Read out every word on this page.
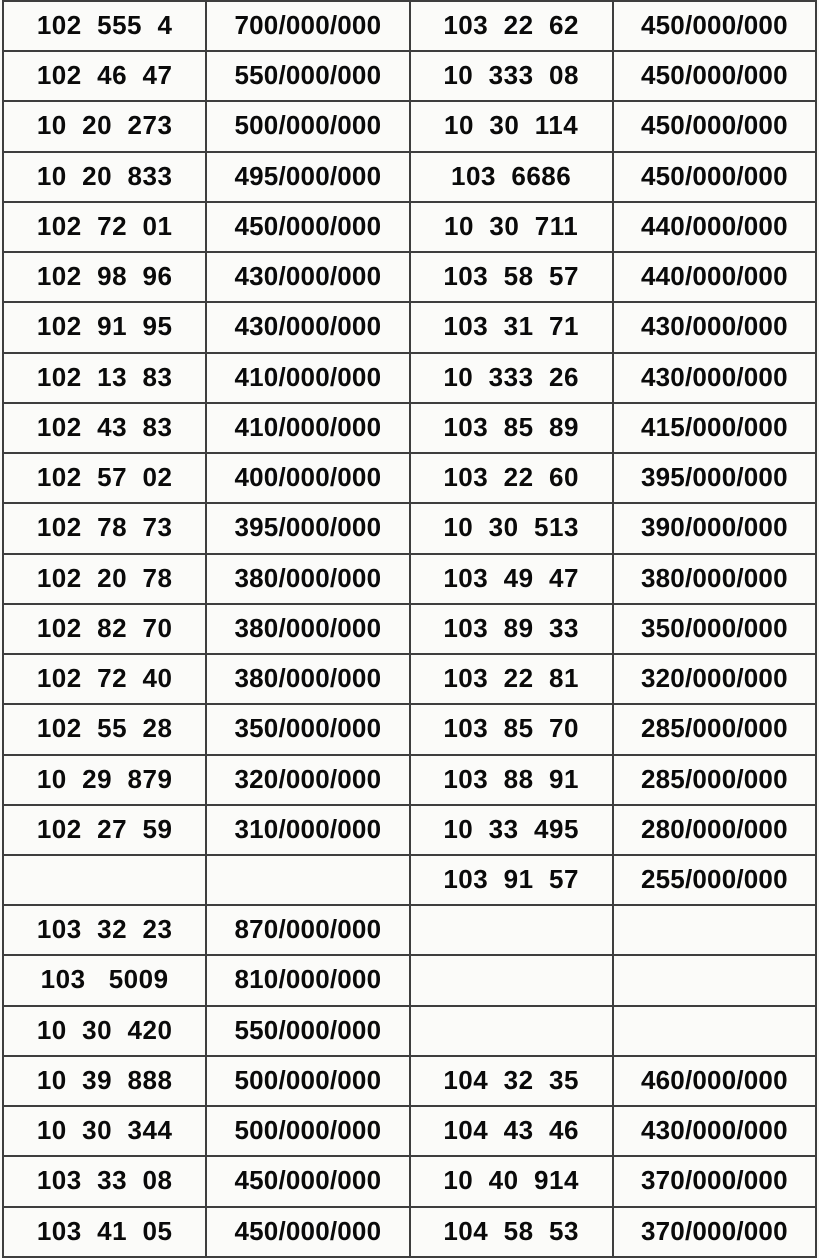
102  555  4	700/000/000	103  22  62	450/000/000
102  46  47	550/000/000	10  333  08	450/000/000
10  20  273	500/000/000	10  30  114	450/000/000
10  20  833	495/000/000	103  6686	450/000/000
102  72  01	450/000/000	10  30  711	440/000/000
102  98  96	430/000/000	103  58  57	440/000/000
102  91  95	430/000/000	103  31  71	430/000/000
102  13  83	410/000/000	10  333  26	430/000/000
102  43  83	410/000/000	103  85  89	415/000/000
102  57  02	400/000/000	103  22  60	395/000/000
102  78  73	395/000/000	10  30  513	390/000/000
102  20  78	380/000/000	103  49  47	380/000/000
102  82  70	380/000/000	103  89  33	350/000/000
102  72  40	380/000/000	103  22  81	320/000/000
102  55  28	350/000/000	103  85  70	285/000/000
10  29  879	320/000/000	103  88  91	285/000/000
102  27  59	310/000/000	10  33  495	280/000/000
		103  91  57	255/000/000
103  32  23	870/000/000		
103   5009	810/000/000		
10  30  420	550/000/000		
10  39  888	500/000/000	104  32  35	460/000/000
10  30  344	500/000/000	104  43  46	430/000/000
103  33  08	450/000/000	10  40  914	370/000/000
103  41  05	450/000/000	104  58  53	370/000/000
